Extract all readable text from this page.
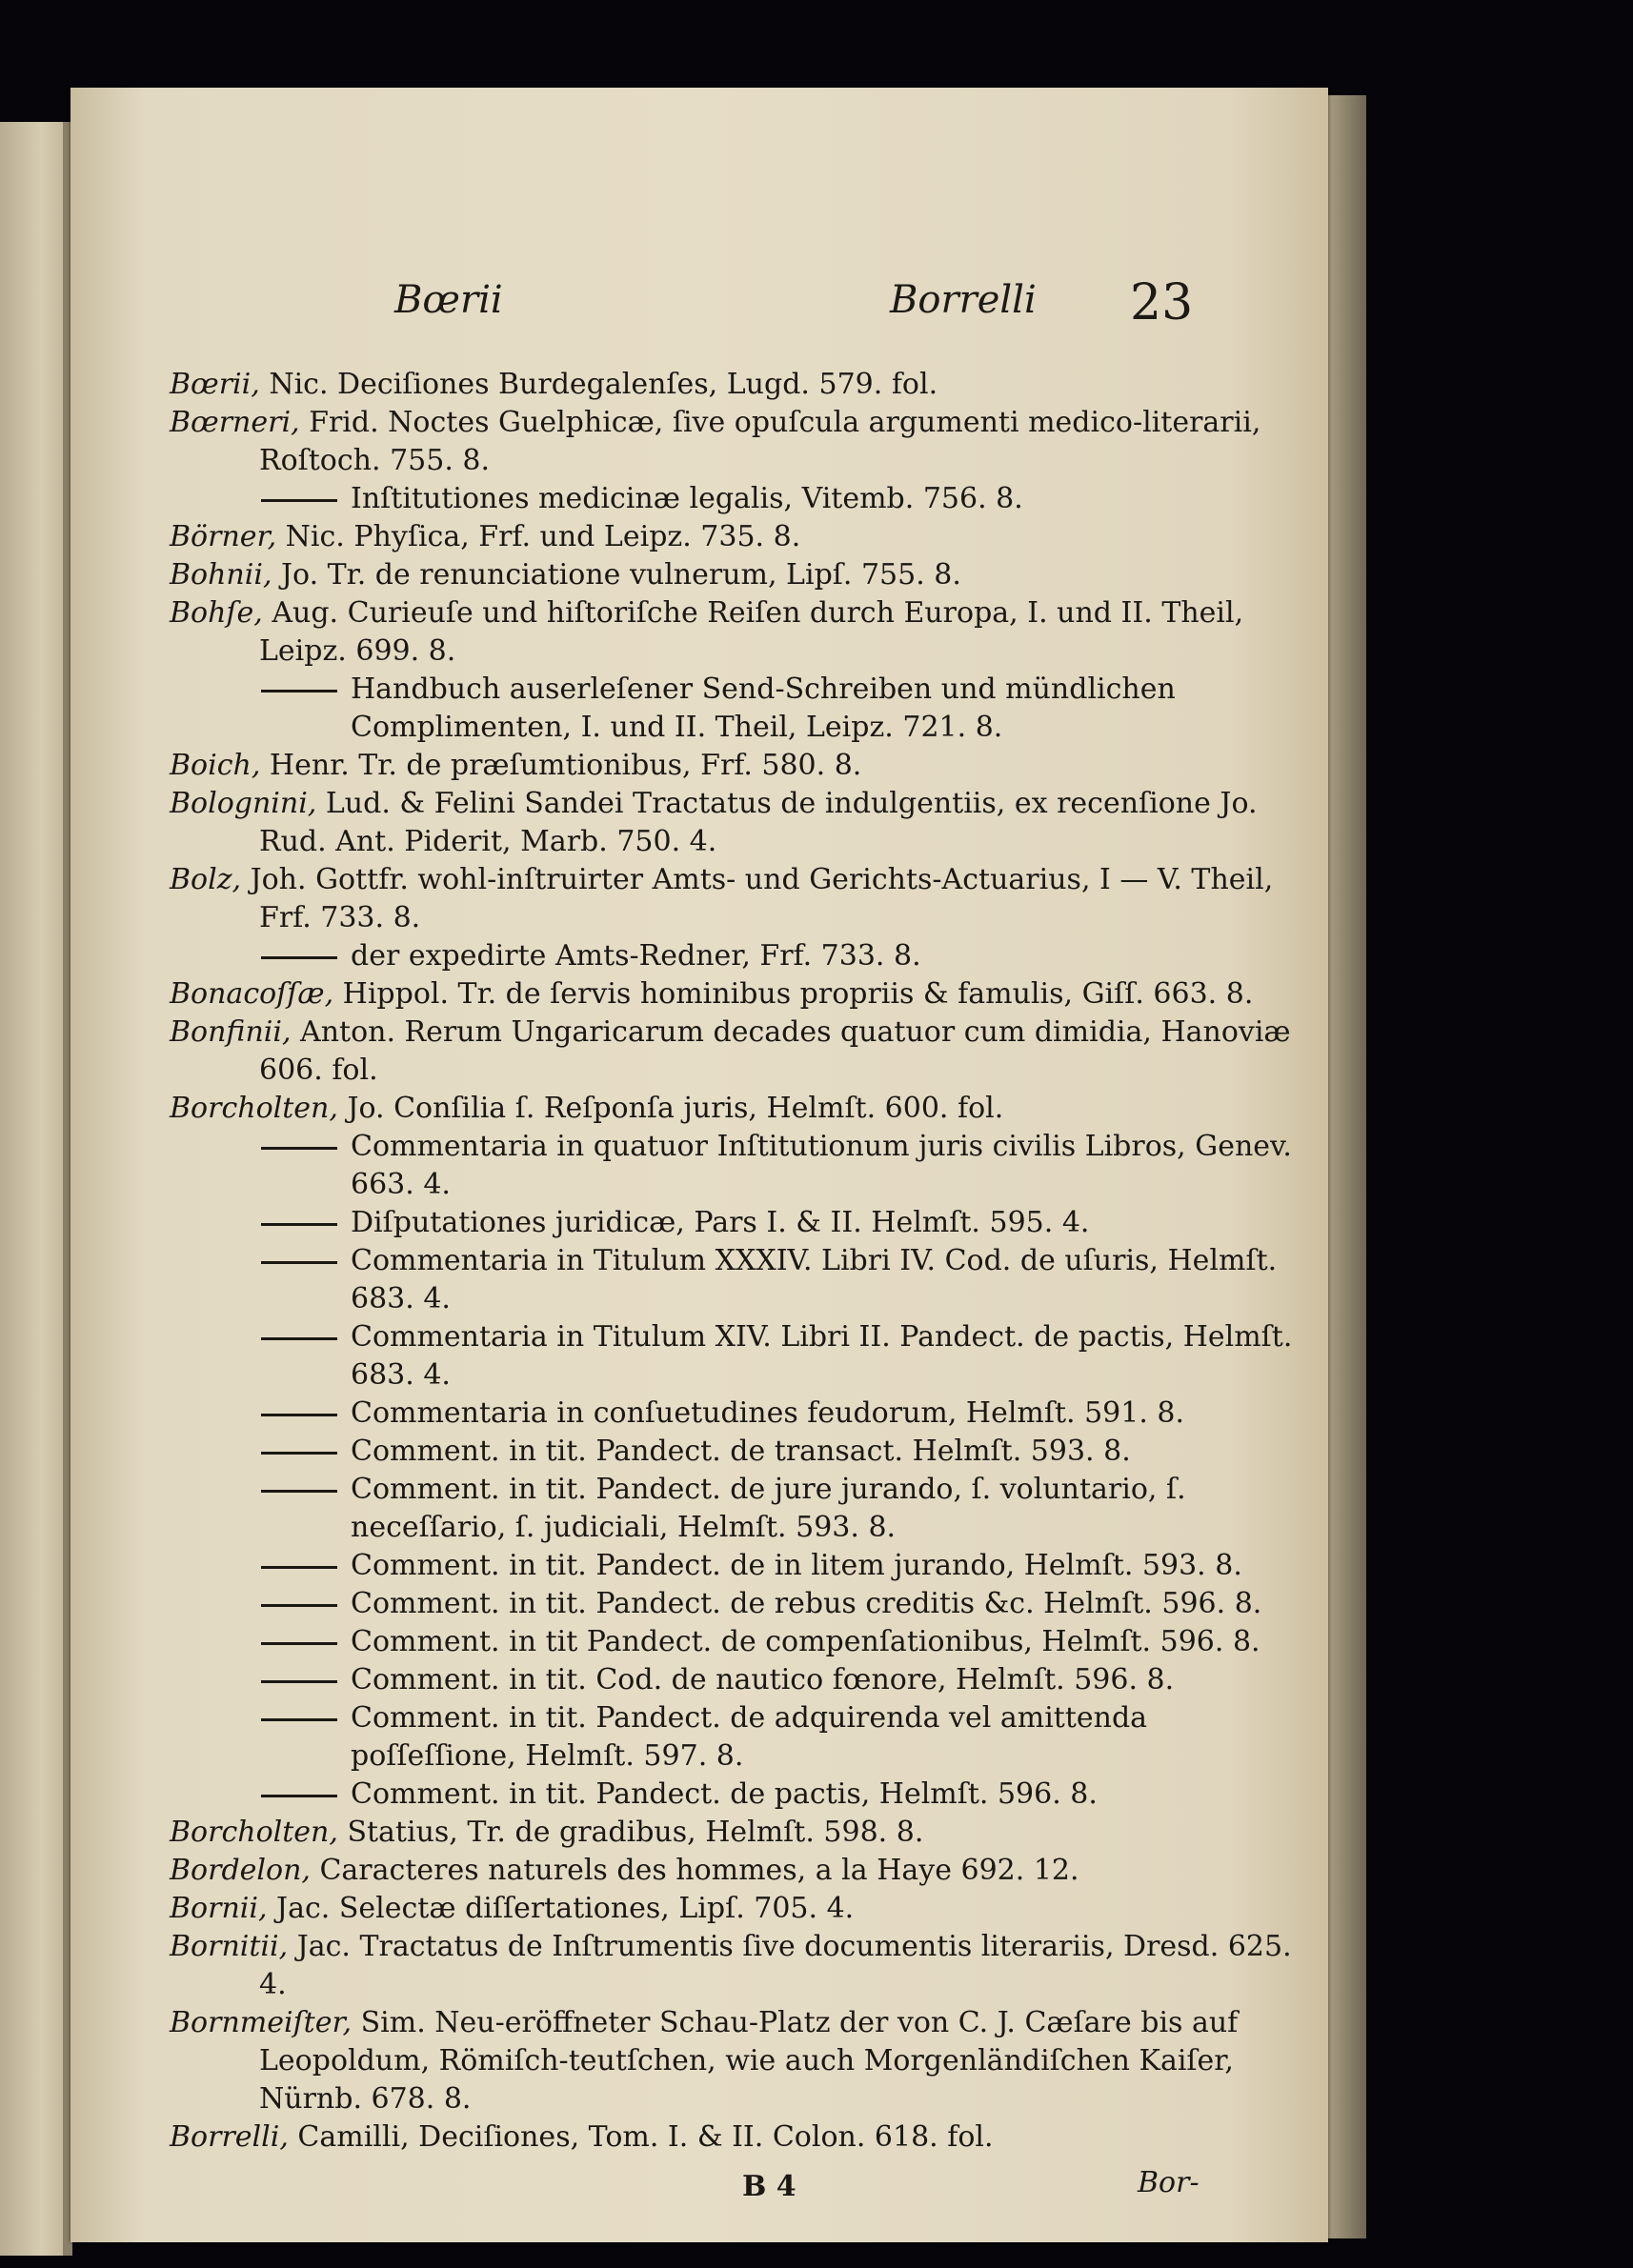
Bœrii	Borrelli 23
Bœrii, Nic. Deciſiones Burdegalenſes, Lugd. 579. fol.
Bœrneri, Frid. Noctes Guelphicæ, ſive opuſcula argumenti medico-literarii, Roſtoch. 755. 8.
Inſtitutiones medicinæ legalis, Vitemb. 756. 8.
Börner, Nic. Phyſica, Frf. und Leipz. 735. 8.
Bohnii, Jo. Tr. de renunciatione vulnerum, Lipſ. 755. 8.
Bohſe, Aug. Curieuſe und hiſtoriſche Reiſen durch Europa, I. und II. Theil, Leipz. 699. 8.
Handbuch auserleſener Send-Schreiben und mündlichen Complimenten, I. und II. Theil, Leipz. 721. 8.
Boich, Henr. Tr. de præſumtionibus, Frf. 580. 8.
Bolognini, Lud. & Felini Sandei Tractatus de indulgentiis, ex recenſione Jo. Rud. Ant. Piderit, Marb. 750. 4.
Bolz, Joh. Gottfr. wohl-inſtruirter Amts- und Gerichts-Actuarius, I — V. Theil, Frf. 733. 8.
der expedirte Amts-Redner, Frf. 733. 8.
Bonacoſſæ, Hippol. Tr. de ſervis hominibus propriis & famulis, Giſſ. 663. 8.
Bonfinii, Anton. Rerum Ungaricarum decades quatuor cum dimidia, Hanoviæ 606. fol.
Borcholten, Jo. Conſilia ſ. Reſponſa juris, Helmſt. 600. fol.
Commentaria in quatuor Inſtitutionum juris civilis Libros, Genev. 663. 4.
Diſputationes juridicæ, Pars I. & II. Helmſt. 595. 4.
Commentaria in Titulum XXXIV. Libri IV. Cod. de uſuris, Helmſt. 683. 4.
Commentaria in Titulum XIV. Libri II. Pandect. de pactis, Helmſt. 683. 4.
Commentaria in conſuetudines feudorum, Helmſt. 591. 8.
Comment. in tit. Pandect. de transact. Helmſt. 593. 8.
Comment. in tit. Pandect. de jure jurando, ſ. voluntario, ſ. neceſſario, ſ. judiciali, Helmſt. 593. 8.
Comment. in tit. Pandect. de in litem jurando, Helmſt. 593. 8.
Comment. in tit. Pandect. de rebus creditis &c. Helmſt. 596. 8.
Comment. in tit Pandect. de compenſationibus, Helmſt. 596. 8.
Comment. in tit. Cod. de nautico fœnore, Helmſt. 596. 8.
Comment. in tit. Pandect. de adquirenda vel amittenda poſſeſſione, Helmſt. 597. 8.
Comment. in tit. Pandect. de pactis, Helmſt. 596. 8.
Borcholten, Statius, Tr. de gradibus, Helmſt. 598. 8.
Bordelon, Caracteres naturels des hommes, a la Haye 692. 12.
Bornii, Jac. Selectæ diſſertationes, Lipſ. 705. 4.
Bornitii, Jac. Tractatus de Inſtrumentis ſive documentis literariis, Dresd. 625. 4.
Bornmeiſter, Sim. Neu-eröffneter Schau-Platz der von C. J. Cæſare bis auf Leopoldum, Römiſch-teutſchen, wie auch Morgenländiſchen Kaiſer, Nürnb. 678. 8.
Borrelli, Camilli, Deciſiones, Tom. I. & II. Colon. 618. fol.
B 4	Bor-
